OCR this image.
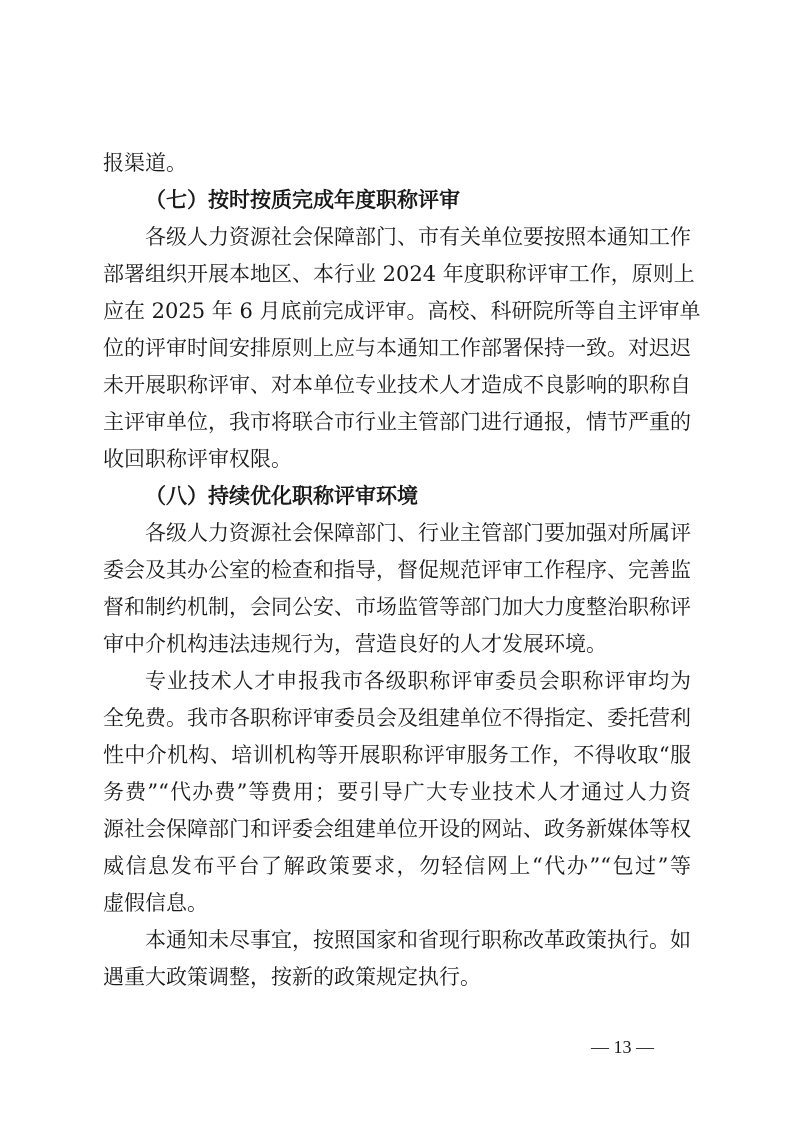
报渠道。
（七）按时按质完成年度职称评审
各级人力资源社会保障部门、市有关单位要按照本通知工作
部署组织开展本地区、本行业 2024 年度职称评审工作，原则上
应在 2025 年 6 月底前完成评审。高校、科研院所等自主评审单
位的评审时间安排原则上应与本通知工作部署保持一致。对迟迟
未开展职称评审、对本单位专业技术人才造成不良影响的职称自
主评审单位，我市将联合市行业主管部门进行通报，情节严重的
收回职称评审权限。
（八）持续优化职称评审环境
各级人力资源社会保障部门、行业主管部门要加强对所属评
委会及其办公室的检查和指导，督促规范评审工作程序、完善监
督和制约机制，会同公安、市场监管等部门加大力度整治职称评
审中介机构违法违规行为，营造良好的人才发展环境。
专业技术人才申报我市各级职称评审委员会职称评审均为
全免费。我市各职称评审委员会及组建单位不得指定、委托营利
性中介机构、培训机构等开展职称评审服务工作，不得收取“服
务费”“代办费”等费用；要引导广大专业技术人才通过人力资
源社会保障部门和评委会组建单位开设的网站、政务新媒体等权
威信息发布平台了解政策要求，勿轻信网上“代办”“包过”等
虚假信息。
本通知未尽事宜，按照国家和省现行职称改革政策执行。如
遇重大政策调整，按新的政策规定执行。
— 13 —
